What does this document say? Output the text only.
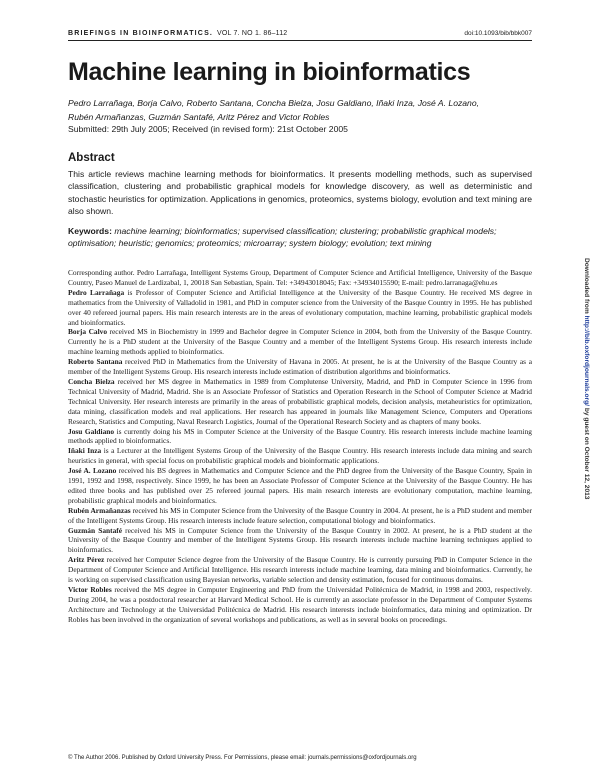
BRIEFINGS IN BIOINFORMATICS. VOL 7. NO 1. 86–112	doi:10.1093/bib/bbk007
Machine learning in bioinformatics
Pedro Larrañaga, Borja Calvo, Roberto Santana, Concha Bielza, Josu Galdiano, Iñaki Inza, José A. Lozano,
Rubén Armañanzas, Guzmán Santafé, Aritz Pérez and Victor Robles

Submitted: 29th July 2005; Received (in revised form): 21st October 2005

Abstract

This article reviews machine learning methods for bioinformatics. It presents modelling methods, such as supervised classification, clustering and probabilistic graphical models for knowledge discovery, as well as deterministic and stochastic heuristics for optimization. Applications in genomics, proteomics, systems biology, evolution and text mining are also shown.

Keywords: machine learning; bioinformatics; supervised classification; clustering; probabilistic graphical models; optimisation; heuristic; genomics; proteomics; microarray; system biology; evolution; text mining

Corresponding author. Pedro Larrañaga, Intelligent Systems Group, Department of Computer Science and Artificial Intelligence, University of the Basque Country, Paseo Manuel de Lardizabal, 1, 20018 San Sebastian, Spain. Tel: +34943018045; Fax: +34934015590; E-mail: pedro.larranaga@ehu.es

Pedro Larrañaga is Professor of Computer Science and Artificial Intelligence at the University of the Basque Country. He received MS degree in mathematics from the University of Valladolid in 1981, and PhD in computer science from the University of the Basque Country in 1995. He has published over 40 refereed journal papers. His main research interests are in the areas of evolutionary computation, machine learning, probabilistic graphical models and bioinformatics.

Borja Calvo received MS in Biochemistry in 1999 and Bachelor degree in Computer Science in 2004, both from the University of the Basque Country. Currently he is a PhD student at the University of the Basque Country and a member of the Intelligent Systems Group. His research interests include machine learning methods applied to bioinformatics.

Roberto Santana received PhD in Mathematics from the University of Havana in 2005. At present, he is at the University of the Basque Country as a member of the Intelligent Systems Group. His research interests include estimation of distribution algorithms and bioinformatics.

Concha Bielza received her MS degree in Mathematics in 1989 from Complutense University, Madrid, and PhD in Computer Science in 1996 from Technical University of Madrid, Madrid. She is an Associate Professor of Statistics and Operation Research in the School of Computer Science at Madrid Technical University. Her research interests are primarily in the areas of probabilistic graphical models, decision analysis, metaheuristics for optimization, data mining, classification models and real applications. Her research has appeared in journals like Management Science, Computers and Operations Research, Statistics and Computing, Naval Research Logistics, Journal of the Operational Research Society and as chapters of many books.

Josu Galdiano is currently doing his MS in Computer Science at the University of the Basque Country. His research interests include machine learning methods applied to bioinformatics.

Iñaki Inza is a Lecturer at the Intelligent Systems Group of the University of the Basque Country. His research interests include data mining and search heuristics in general, with special focus on probabilistic graphical models and bioinformatic applications.

José A. Lozano received his BS degrees in Mathematics and Computer Science and the PhD degree from the University of the Basque Country, Spain in 1991, 1992 and 1998, respectively. Since 1999, he has been an Associate Professor of Computer Science at the University of the Basque Country. He has edited three books and has published over 25 refereed journal papers. His main research interests are evolutionary computation, machine learning, probabilistic graphical models and bioinformatics.

Rubén Armañanzas received his MS in Computer Science from the University of the Basque Country in 2004. At present, he is a PhD student and member of the Intelligent Systems Group. His research interests include feature selection, computational biology and bioinformatics.

Guzmán Santafé received his MS in Computer Science from the University of the Basque Country in 2002. At present, he is a PhD student at the University of the Basque Country and member of the Intelligent Systems Group. His research interests include machine learning techniques applied to bioinformatics.

Aritz Pérez received her Computer Science degree from the University of the Basque Country. He is currently pursuing PhD in Computer Science in the Department of Computer Science and Artificial Intelligence. His research interests include machine learning, data mining and bioinformatics. Currently, he is working on supervised classification using Bayesian networks, variable selection and density estimation, focused for continuous domains.

Victor Robles received the MS degree in Computer Engineering and PhD from the Universidad Politécnica de Madrid, in 1998 and 2003, respectively. During 2004, he was a postdoctoral researcher at Harvard Medical School. He is currently an associate professor in the Department of Computer Systems Architecture and Technology at the Universidad Politécnica de Madrid. His research interests include bioinformatics, data mining and optimization. Dr Robles has been involved in the organization of several workshops and publications, as well as in several books on proceedings.

Downloaded from http://bib.oxfordjournals.org/ by guest on October 12, 2013
© The Author 2006. Published by Oxford University Press. For Permissions, please email: journals.permissions@oxfordjournals.org
